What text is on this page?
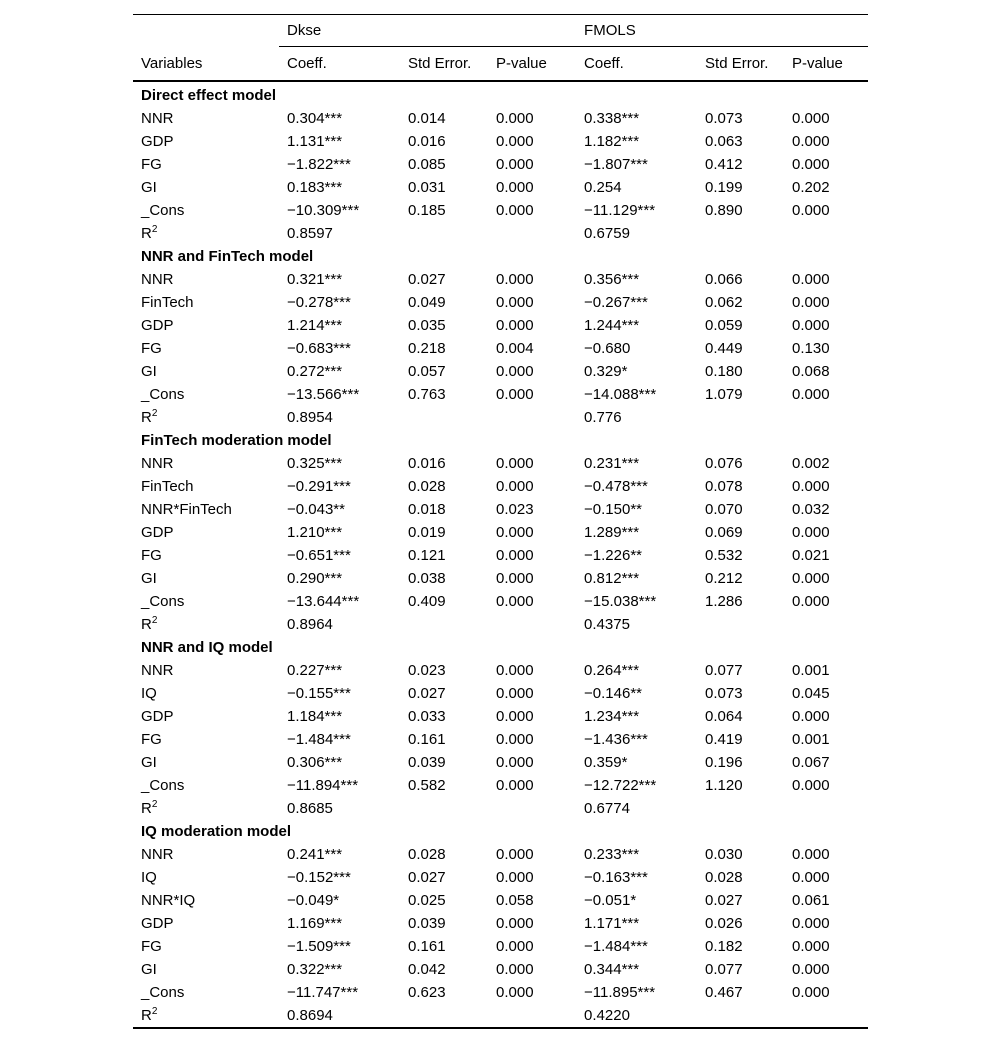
	Dkse			FMOLS		
Variables	Coeff.	Std Error.	P-value	Coeff.	Std Error.	P-value
Direct effect model						
NNR	0.304***	0.014	0.000	0.338***	0.073	0.000
GDP	1.131***	0.016	0.000	1.182***	0.063	0.000
FG	−1.822***	0.085	0.000	−1.807***	0.412	0.000
GI	0.183***	0.031	0.000	0.254	0.199	0.202
_Cons	−10.309***	0.185	0.000	−11.129***	0.890	0.000
$R^2$	0.8597			0.6759		
NNR and FinTech model						
NNR	0.321***	0.027	0.000	0.356***	0.066	0.000
FinTech	−0.278***	0.049	0.000	−0.267***	0.062	0.000
GDP	1.214***	0.035	0.000	1.244***	0.059	0.000
FG	−0.683***	0.218	0.004	−0.680	0.449	0.130
GI	0.272***	0.057	0.000	0.329*	0.180	0.068
_Cons	−13.566***	0.763	0.000	−14.088***	1.079	0.000
$R^2$	0.8954			0.776		
FinTech moderation model						
NNR	0.325***	0.016	0.000	0.231***	0.076	0.002
FinTech	−0.291***	0.028	0.000	−0.478***	0.078	0.000
NNR*FinTech	−0.043**	0.018	0.023	−0.150**	0.070	0.032
GDP	1.210***	0.019	0.000	1.289***	0.069	0.000
FG	−0.651***	0.121	0.000	−1.226**	0.532	0.021
GI	0.290***	0.038	0.000	0.812***	0.212	0.000
_Cons	−13.644***	0.409	0.000	−15.038***	1.286	0.000
$R^2$	0.8964			0.4375		
NNR and IQ model						
NNR	0.227***	0.023	0.000	0.264***	0.077	0.001
IQ	−0.155***	0.027	0.000	−0.146**	0.073	0.045
GDP	1.184***	0.033	0.000	1.234***	0.064	0.000
FG	−1.484***	0.161	0.000	−1.436***	0.419	0.001
GI	0.306***	0.039	0.000	0.359*	0.196	0.067
_Cons	−11.894***	0.582	0.000	−12.722***	1.120	0.000
$R^2$	0.8685			0.6774		
IQ moderation model						
NNR	0.241***	0.028	0.000	0.233***	0.030	0.000
IQ	−0.152***	0.027	0.000	−0.163***	0.028	0.000
NNR*IQ	−0.049*	0.025	0.058	−0.051*	0.027	0.061
GDP	1.169***	0.039	0.000	1.171***	0.026	0.000
FG	−1.509***	0.161	0.000	−1.484***	0.182	0.000
GI	0.322***	0.042	0.000	0.344***	0.077	0.000
_Cons	−11.747***	0.623	0.000	−11.895***	0.467	0.000
$R^2$	0.8694			0.4220		
